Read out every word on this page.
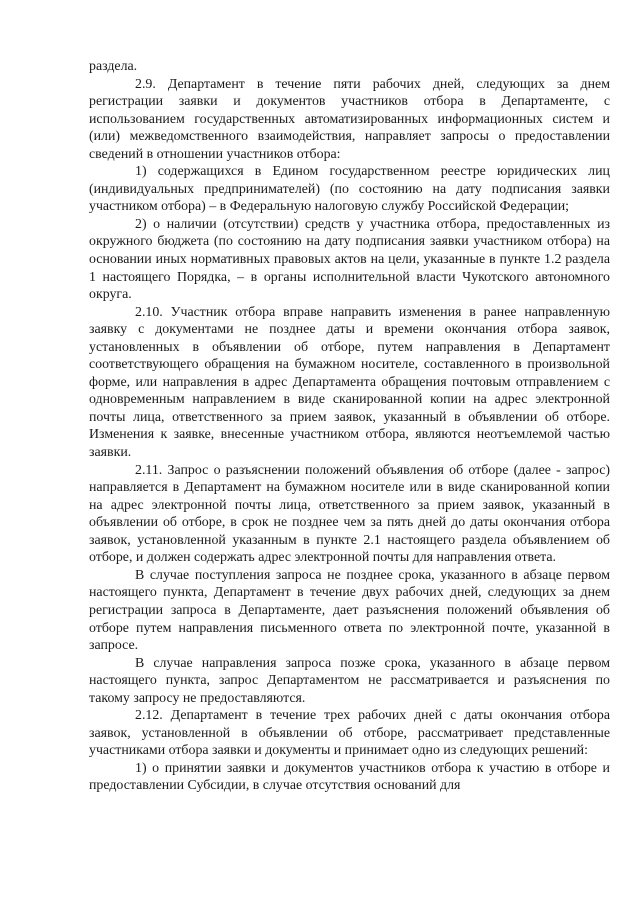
раздела.

2.9. Департамент в течение пяти рабочих дней, следующих за днем регистрации заявки и документов участников отбора в Департаменте, с использованием государственных автоматизированных информационных систем и (или) межведомственного взаимодействия, направляет запросы о предоставлении сведений в отношении участников отбора:

1) содержащихся в Едином государственном реестре юридических лиц (индивидуальных предпринимателей) (по состоянию на дату подписания заявки участником отбора) – в Федеральную налоговую службу Российской Федерации;

2) о наличии (отсутствии) средств у участника отбора, предоставленных из окружного бюджета (по состоянию на дату подписания заявки участником отбора) на основании иных нормативных правовых актов на цели, указанные в пункте 1.2 раздела 1 настоящего Порядка, – в органы исполнительной власти Чукотского автономного округа.

2.10. Участник отбора вправе направить изменения в ранее направленную заявку с документами не позднее даты и времени окончания отбора заявок, установленных в объявлении об отборе, путем направления в Департамент соответствующего обращения на бумажном носителе, составленного в произвольной форме, или направления в адрес Департамента обращения почтовым отправлением с одновременным направлением в виде сканированной копии на адрес электронной почты лица, ответственного за прием заявок, указанный в объявлении об отборе. Изменения к заявке, внесенные участником отбора, являются неотъемлемой частью заявки.

2.11. Запрос о разъяснении положений объявления об отборе (далее - запрос) направляется в Департамент на бумажном носителе или в виде сканированной копии на адрес электронной почты лица, ответственного за прием заявок, указанный в объявлении об отборе, в срок не позднее чем за пять дней до даты окончания отбора заявок, установленной указанным в пункте 2.1 настоящего раздела объявлением об отборе, и должен содержать адрес электронной почты для направления ответа.

В случае поступления запроса не позднее срока, указанного в абзаце первом настоящего пункта, Департамент в течение двух рабочих дней, следующих за днем регистрации запроса в Департаменте, дает разъяснения положений объявления об отборе путем направления письменного ответа по электронной почте, указанной в запросе.

В случае направления запроса позже срока, указанного в абзаце первом настоящего пункта, запрос Департаментом не рассматривается и разъяснения по такому запросу не предоставляются.

2.12. Департамент в течение трех рабочих дней с даты окончания отбора заявок, установленной в объявлении об отборе, рассматривает представленные участниками отбора заявки и документы и принимает одно из следующих решений:

1) о принятии заявки и документов участников отбора к участию в отборе и предоставлении Субсидии, в случае отсутствия оснований для
